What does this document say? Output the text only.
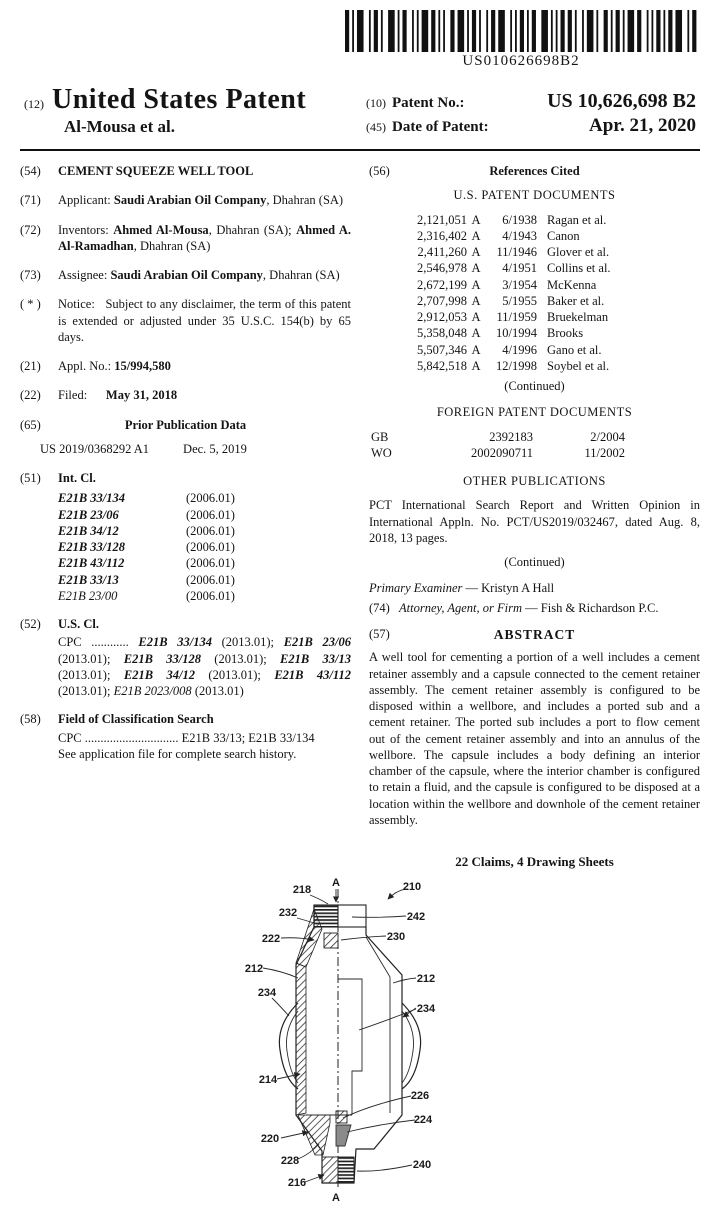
US010626698B2
(12) United States Patent
Al-Mousa et al.
(10) Patent No.:	US 10,626,698 B2
(45) Date of Patent:	Apr. 21, 2020
(54)	CEMENT SQUEEZE WELL TOOL
(71)	Applicant: Saudi Arabian Oil Company, Dhahran (SA)
(72)	Inventors: Ahmed Al-Mousa, Dhahran (SA); Ahmed A. Al-Ramadhan, Dhahran (SA)
(73)	Assignee: Saudi Arabian Oil Company, Dhahran (SA)
( * )	Notice: Subject to any disclaimer, the term of this patent is extended or adjusted under 35 U.S.C. 154(b) by 65 days.
(21)	Appl. No.: 15/994,580
(22)	Filed: May 31, 2018
(65)	Prior Publication Data
US 2019/0368292 A1	Dec. 5, 2019
(51)	Int. Cl.
E21B 33/134	(2006.01)
E21B 23/06	(2006.01)
E21B 34/12	(2006.01)
E21B 33/128	(2006.01)
E21B 43/112	(2006.01)
E21B 33/13	(2006.01)
E21B 23/00	(2006.01)
(52)	U.S. Cl.
CPC ............ E21B 33/134 (2013.01); E21B 23/06 (2013.01); E21B 33/128 (2013.01); E21B 33/13 (2013.01); E21B 34/12 (2013.01); E21B 43/112 (2013.01); E21B 2023/008 (2013.01)
(58)	Field of Classification Search
CPC .............................. E21B 33/13; E21B 33/134
See application file for complete search history.
(56)	References Cited
U.S. PATENT DOCUMENTS
2,121,051 A	6/1938 Ragan et al.
2,316,402 A	4/1943 Canon
2,411,260 A	11/1946 Glover et al.
2,546,978 A	4/1951 Collins et al.
2,672,199 A	3/1954 McKenna
2,707,998 A	5/1955 Baker et al.
2,912,053 A	11/1959 Bruekelman
5,358,048 A	10/1994 Brooks
5,507,346 A	4/1996 Gano et al.
5,842,518 A	12/1998 Soybel et al.
(Continued)
FOREIGN PATENT DOCUMENTS
GB	2392183	2/2004
WO	2002090711	11/2002
OTHER PUBLICATIONS
PCT International Search Report and Written Opinion in International Appln. No. PCT/US2019/032467, dated Aug. 8, 2018, 13 pages.
(Continued)
Primary Examiner — Kristyn A Hall
(74) Attorney, Agent, or Firm — Fish & Richardson P.C.
(57)	ABSTRACT
A well tool for cementing a portion of a well includes a cement retainer assembly and a capsule connected to the cement retainer assembly. The cement retainer assembly is configured to be disposed within a wellbore, and includes a ported sub and a cement retainer. The ported sub includes a port to flow cement out of the cement retainer assembly and into an annulus of the wellbore. The capsule includes a body defining an interior chamber of the capsule, where the interior chamber is configured to retain a fluid, and the capsule is configured to be disposed at a location within the wellbore and downhole of the cement retainer assembly.
22 Claims, 4 Drawing Sheets
218
A	210
232	242
222	230
212
234
212
234
214
226
224
220
228	240
216
A
